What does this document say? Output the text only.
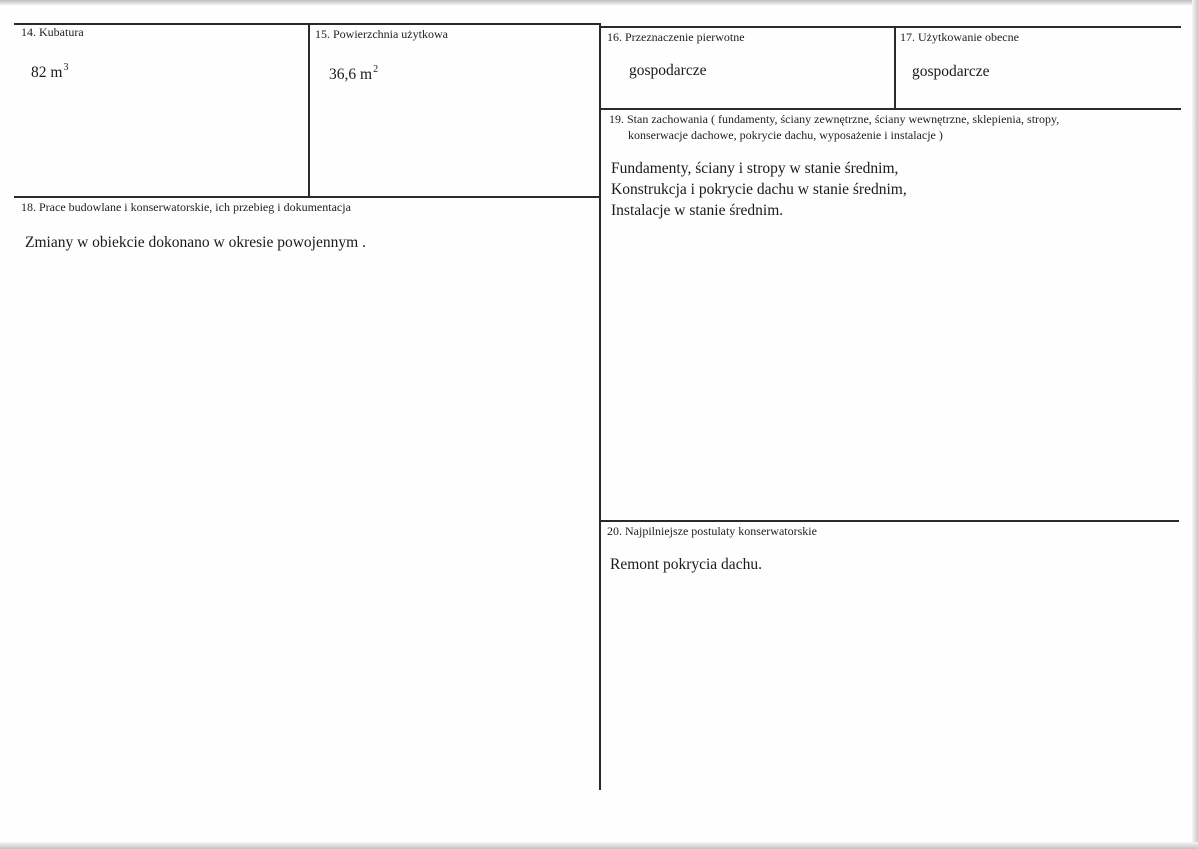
14. Kubatura
82 $m^3$
15. Powierzchnia użytkowa
36,6 $m^2$
16. Przeznaczenie pierwotne
gospodarcze
17. Użytkowanie obecne
gospodarcze
19. Stan zachowania ( fundamenty, ściany zewnętrzne, ściany wewnętrzne, sklepienia, stropy,
konserwacje dachowe, pokrycie dachu, wyposażenie i instalacje )
Fundamenty, ściany i stropy w stanie średnim,
Konstrukcja i pokrycie dachu w stanie średnim,
Instalacje w stanie średnim.
18. Prace budowlane i konserwatorskie, ich przebieg i dokumentacja
Zmiany w obiekcie dokonano w okresie powojennym .
20. Najpilniejsze postulaty konserwatorskie
Remont pokrycia dachu.
